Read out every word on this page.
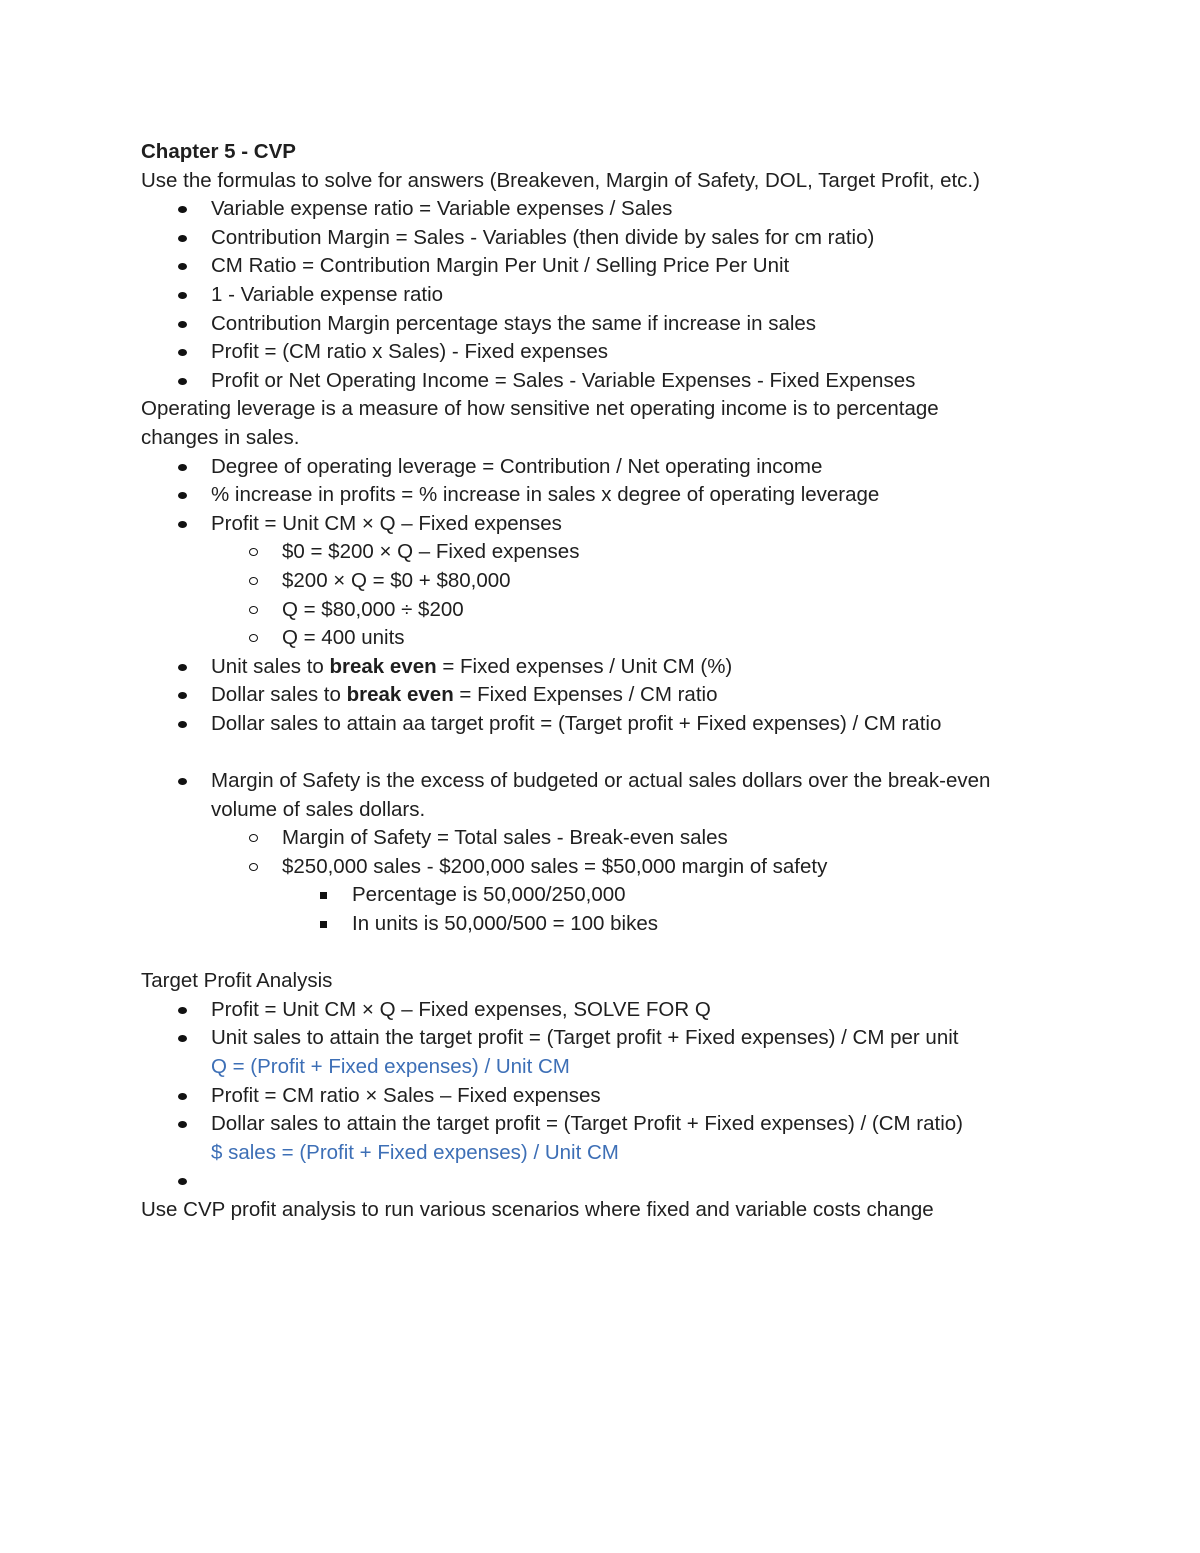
Chapter 5 - CVP
Use the formulas to solve for answers (Breakeven, Margin of Safety, DOL, Target Profit, etc.)
Variable expense ratio = Variable expenses / Sales
Contribution Margin = Sales - Variables (then divide by sales for cm ratio)
CM Ratio = Contribution Margin Per Unit / Selling Price Per Unit
1 - Variable expense ratio
Contribution Margin percentage stays the same if increase in sales
Profit = (CM ratio x Sales) - Fixed expenses
Profit or Net Operating Income = Sales - Variable Expenses - Fixed Expenses
Operating leverage is a measure of how sensitive net operating income is to percentage changes in sales.
Degree of operating leverage = Contribution / Net operating income
% increase in profits = % increase in sales x degree of operating leverage
Profit = Unit CM × Q – Fixed expenses
$0 = $200 × Q – Fixed expenses
$200 × Q = $0 + $80,000
Q = $80,000 ÷ $200
Q = 400 units
Unit sales to break even = Fixed expenses / Unit CM (%)
Dollar sales to break even = Fixed Expenses / CM ratio
Dollar sales to attain aa target profit = (Target profit + Fixed expenses) / CM ratio
Margin of Safety is the excess of budgeted or actual sales dollars over the break-even volume of sales dollars.
Margin of Safety = Total sales - Break-even sales
$250,000 sales - $200,000 sales = $50,000 margin of safety
Percentage is 50,000/250,000
In units is 50,000/500 = 100 bikes
Target Profit Analysis
Profit = Unit CM × Q – Fixed expenses, SOLVE FOR Q
Unit sales to attain the target profit = (Target profit + Fixed expenses) / CM per unit
Q = (Profit + Fixed expenses) / Unit CM
Profit = CM ratio × Sales – Fixed expenses
Dollar sales to attain the target profit = (Target Profit + Fixed expenses) / (CM ratio)
$ sales = (Profit + Fixed expenses) / Unit CM

Use CVP profit analysis to run various scenarios where fixed and variable costs change
